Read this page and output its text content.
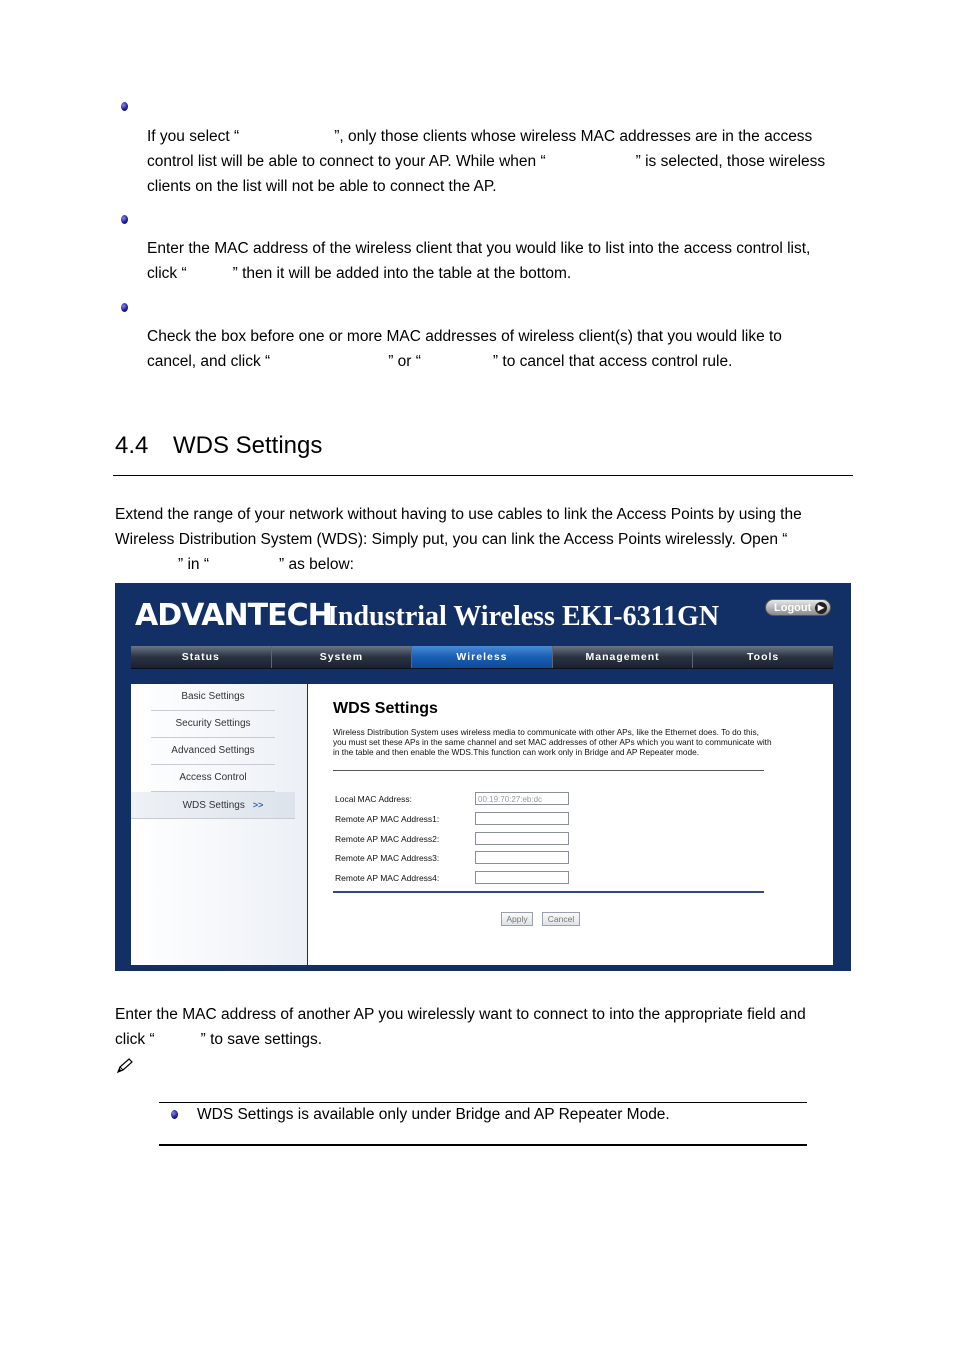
If you select “	”, only those clients whose wireless MAC addresses are in the access
control list will be able to connect to your AP. While when “	” is selected, those wireless
clients on the list will not be able to connect the AP.
Enter the MAC address of the wireless client that you would like to list into the access control list,
click “	” then it will be added into the table at the bottom.
Check the box before one or more MAC addresses of wireless client(s) that you would like to
cancel, and click “	” or “	” to cancel that access control rule.
4.4 WDS Settings
Extend the range of your network without having to use cables to link the Access Points by using the
Wireless Distribution System (WDS): Simply put, you can link the Access Points wirelessly. Open “
” in “	” as below:
ADVANTECH
Industrial Wireless EKI-6311GN	Logout ▶
Status	System	Wireless	Management	Tools
Basic Settings
Security Settings
Advanced Settings
Access Control
WDS Settings >>
WDS Settings
Wireless Distribution System uses wireless media to communicate with other APs, like the Ethernet does. To do this, you must set these APs in the same channel and set MAC addresses of other APs which you want to communicate with in the table and then enable the WDS.This function can work only in Bridge and AP Repeater mode.
Local MAC Address:	00:19:70:27:eb:dc
Remote AP MAC Address1:
Remote AP MAC Address2:
Remote AP MAC Address3:
Remote AP MAC Address4:
Apply	Cancel
Enter the MAC address of another AP you wirelessly want to connect to into the appropriate field and
click “	” to save settings.
WDS Settings is available only under Bridge and AP Repeater Mode.
